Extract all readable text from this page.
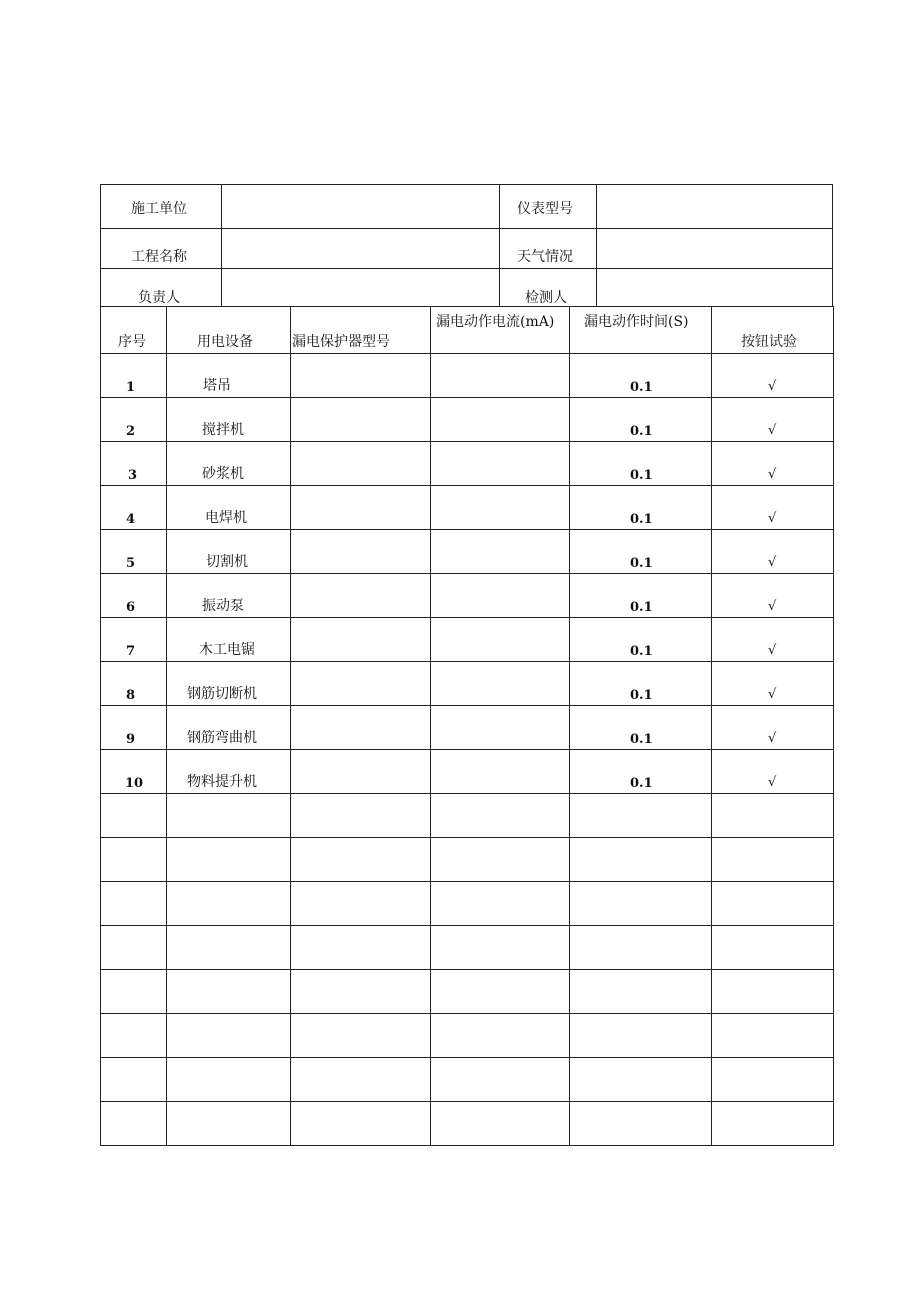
施工单位	仪表型号
工程名称	天气情况
负责人	检测人
序号	用电设备	漏电保护器型号	漏电动作电流(mA)	漏电动作时间(S)	按钮试验

1	塔吊			0.1	√

2	搅拌机			0.1	√

3	砂浆机			0.1	√

4	电焊机			0.1	√

5	切割机			0.1	√

6	振动泵			0.1	√

7	木工电锯			0.1	√

8	钢筋切断机			0.1	√

9	钢筋弯曲机			0.1	√

10	物料提升机			0.1	√
